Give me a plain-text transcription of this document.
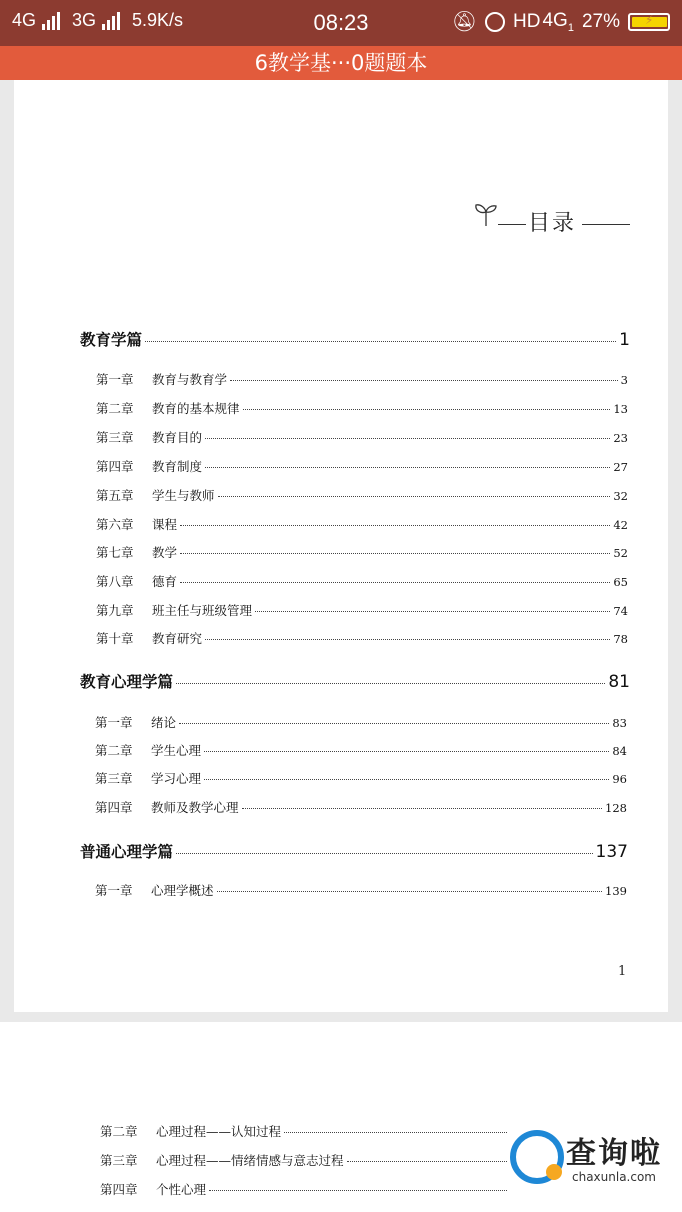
4G 3G 5.9K/s	08:23	🔕︎ HD $4G_1$ 27% ⚡︎
6教学基···0题题本
目录
教育学篇	1
第一章	教育与教育学	3
第二章	教育的基本规律	13
第三章	教育目的	23
第四章	教育制度	27
第五章	学生与教师	32
第六章	课程	42
第七章	教学	52
第八章	德育	65
第九章	班主任与班级管理	74
第十章	教育研究	78
教育心理学篇	81
第一章	绪论	83
第二章	学生心理	84
第三章	学习心理	96
第四章	教师及教学心理	128
普通心理学篇	137
第一章	心理学概述	139
1
第二章	心理过程——认知过程
第三章	心理过程——情绪情感与意志过程
第四章	个性心理
查询啦
chaxunla.com
